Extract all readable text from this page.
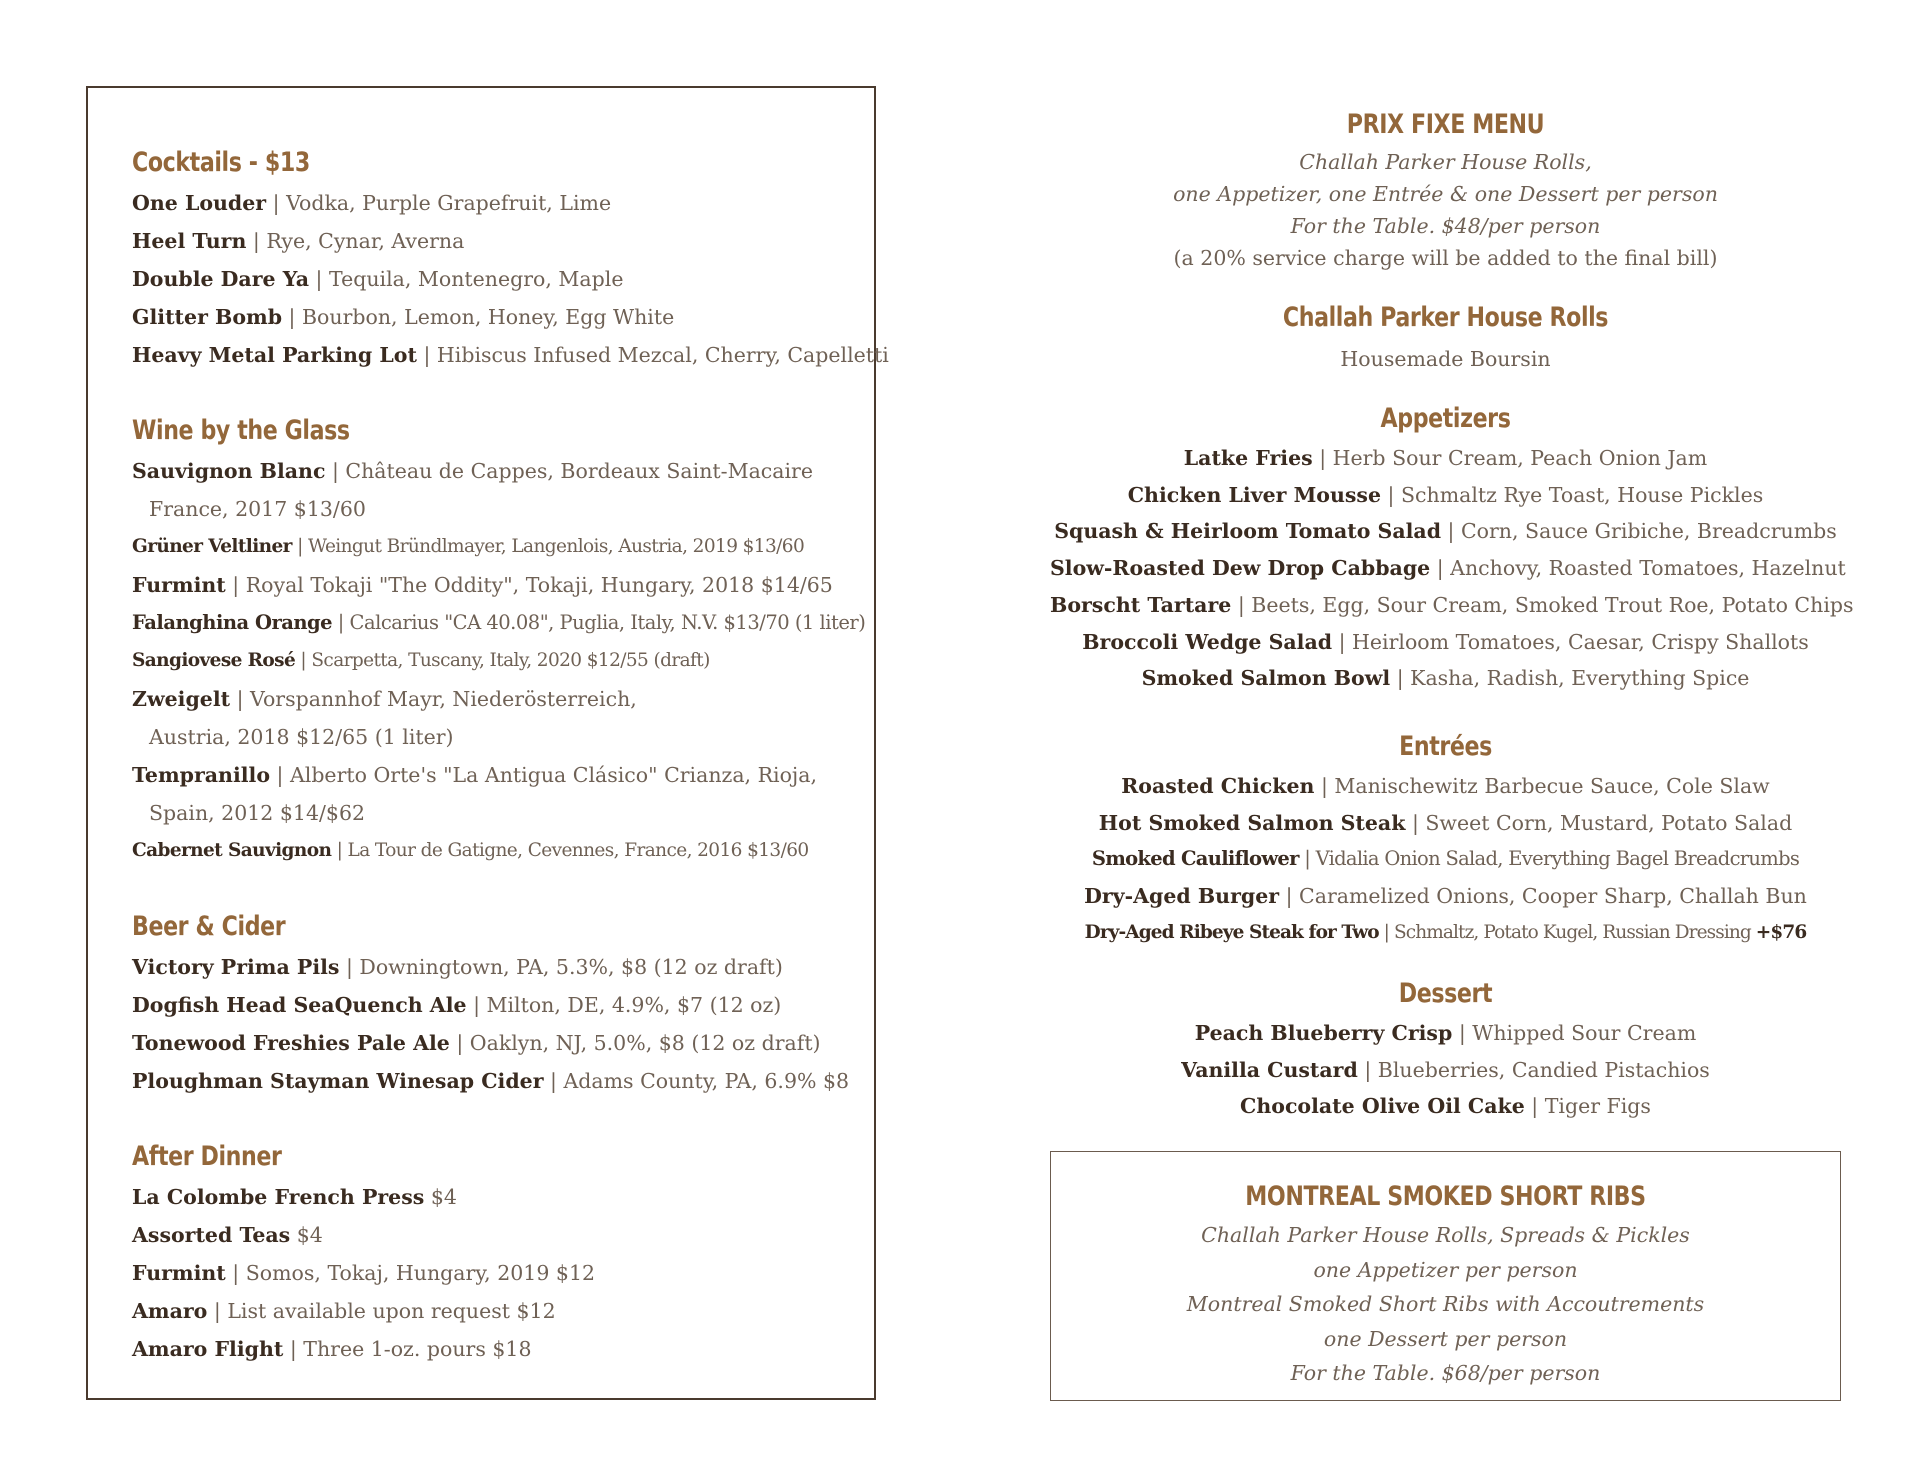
Cocktails - $13
One Louder | Vodka, Purple Grapefruit, Lime
Heel Turn | Rye, Cynar, Averna
Double Dare Ya | Tequila, Montenegro, Maple
Glitter Bomb | Bourbon, Lemon, Honey, Egg White
Heavy Metal Parking Lot | Hibiscus Infused Mezcal, Cherry, Capelletti
Wine by the Glass
Sauvignon Blanc | Château de Cappes, Bordeaux Saint-Macaire
France, 2017 $13/60
Grüner Veltliner | Weingut Bründlmayer, Langenlois, Austria, 2019 $13/60
Furmint | Royal Tokaji "The Oddity", Tokaji, Hungary, 2018 $14/65
Falanghina Orange | Calcarius "CA 40.08", Puglia, Italy, N.V. $13/70 (1 liter)
Sangiovese Rosé | Scarpetta, Tuscany, Italy, 2020 $12/55 (draft)
Zweigelt | Vorspannhof Mayr, Niederösterreich,
Austria, 2018 $12/65 (1 liter)
Tempranillo | Alberto Orte's "La Antigua Clásico" Crianza, Rioja,
Spain, 2012 $14/$62
Cabernet Sauvignon | La Tour de Gatigne, Cevennes, France, 2016 $13/60
Beer & Cider
Victory Prima Pils | Downingtown, PA, 5.3%, $8 (12 oz draft)
Dogfish Head SeaQuench Ale | Milton, DE, 4.9%, $7 (12 oz)
Tonewood Freshies Pale Ale | Oaklyn, NJ, 5.0%, $8 (12 oz draft)
Ploughman Stayman Winesap Cider | Adams County, PA, 6.9% $8
After Dinner
La Colombe French Press $4
Assorted Teas $4
Furmint | Somos, Tokaj, Hungary, 2019 $12
Amaro | List available upon request $12
Amaro Flight | Three 1-oz. pours $18
PRIX FIXE MENU
Challah Parker House Rolls,
one Appetizer, one Entrée & one Dessert per person
For the Table. $48/per person
(a 20% service charge will be added to the final bill)
Challah Parker House Rolls
Housemade Boursin
Appetizers
Latke Fries | Herb Sour Cream, Peach Onion Jam
Chicken Liver Mousse | Schmaltz Rye Toast, House Pickles
Squash & Heirloom Tomato Salad | Corn, Sauce Gribiche, Breadcrumbs
Slow-Roasted Dew Drop Cabbage | Anchovy, Roasted Tomatoes, Hazelnut
Borscht Tartare | Beets, Egg, Sour Cream, Smoked Trout Roe, Potato Chips
Broccoli Wedge Salad | Heirloom Tomatoes, Caesar, Crispy Shallots
Smoked Salmon Bowl | Kasha, Radish, Everything Spice
Entrées
Roasted Chicken | Manischewitz Barbecue Sauce, Cole Slaw
Hot Smoked Salmon Steak | Sweet Corn, Mustard, Potato Salad
Smoked Cauliflower | Vidalia Onion Salad, Everything Bagel Breadcrumbs
Dry-Aged Burger | Caramelized Onions, Cooper Sharp, Challah Bun
Dry-Aged Ribeye Steak for Two | Schmaltz, Potato Kugel, Russian Dressing +$76
Dessert
Peach Blueberry Crisp | Whipped Sour Cream
Vanilla Custard | Blueberries, Candied Pistachios
Chocolate Olive Oil Cake | Tiger Figs
MONTREAL SMOKED SHORT RIBS
Challah Parker House Rolls, Spreads & Pickles
one Appetizer per person
Montreal Smoked Short Ribs with Accoutrements
one Dessert per person
For the Table. $68/per person
